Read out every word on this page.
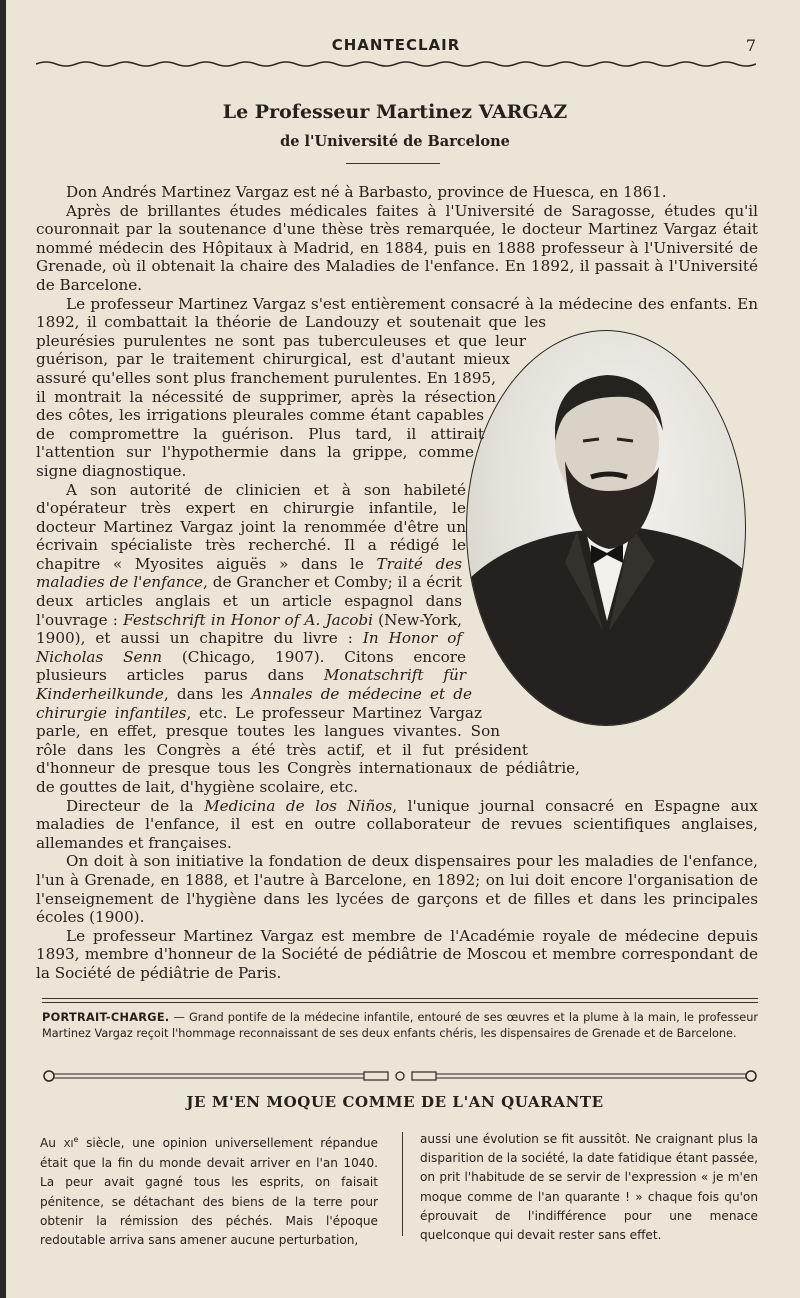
CHANTECLAIR	7
Le Professeur Martinez VARGAZ
de l'Université de Barcelone

Don Andrés Martinez Vargaz est né à Barbasto, province de Huesca, en 1861.

Après de brillantes études médicales faites à l'Université de Saragosse, études qu'il couronnait par la soutenance d'une thèse très remarquée, le docteur Martinez Vargaz était nommé médecin des Hôpitaux à Madrid, en 1884, puis en 1888 professeur à l'Université de Grenade, où il obtenait la chaire des Maladies de l'enfance. En 1892, il passait à l'Université de Barcelone.

Le professeur Martinez Vargaz s'est entièrement consacré à la médecine des enfants. En 1892, il combattait la théorie de Landouzy et soutenait que les pleurésies purulentes ne sont pas tuberculeuses et que leur guérison, par le traitement chirurgical, est d'autant mieux assuré qu'elles sont plus franchement purulentes. En 1895, il montrait la nécessité de supprimer, après la résection des côtes, les irrigations pleurales comme étant capables de compromettre la guérison. Plus tard, il attirait l'attention sur l'hypothermie dans la grippe, comme signe diagnostique.

A son autorité de clinicien et à son habileté d'opérateur très expert en chirurgie infantile, le docteur Martinez Vargaz joint la renommée d'être un écrivain spécialiste très recherché. Il a rédigé le chapitre « Myosites aiguës » dans le Traité des maladies de l'enfance, de Grancher et Comby; il a écrit deux articles anglais et un article espagnol dans l'ouvrage : Festschrift in Honor of A. Jacobi (New-York, 1900), et aussi un chapitre du livre : In Honor of Nicholas Senn (Chicago, 1907). Citons encore plusieurs articles parus dans Monatschrift für Kinderheilkunde, dans les Annales de médecine et de chirurgie infantiles, etc. Le professeur Martinez Vargaz parle, en effet, presque toutes les langues vivantes. Son rôle dans les Congrès a été très actif, et il fut président d'honneur de presque tous les Congrès internationaux de pédiâtrie, de gouttes de lait, d'hygiène scolaire, etc.

Directeur de la Medicina de los Niños, l'unique journal consacré en Espagne aux maladies de l'enfance, il est en outre collaborateur de revues scientifiques anglaises, allemandes et françaises.

On doit à son initiative la fondation de deux dispensaires pour les maladies de l'enfance, l'un à Grenade, en 1888, et l'autre à Barcelone, en 1892; on lui doit encore l'organisation de l'enseignement de l'hygiène dans les lycées de garçons et de filles et dans les principales écoles (1900).

Le professeur Martinez Vargaz est membre de l'Académie royale de médecine depuis 1893, membre d'honneur de la Société de pédiâtrie de Moscou et membre correspondant de la Société de pédiâtrie de Paris.

PORTRAIT-CHARGE. — Grand pontife de la médecine infantile, entouré de ses œuvres et la plume à la main, le professeur Martinez Vargaz reçoit l'hommage reconnaissant de ses deux enfants chéris, les dispensaires de Grenade et de Barcelone.
JE M'EN MOQUE COMME DE L'AN QUARANTE

Au XIe siècle, une opinion universellement répandue était que la fin du monde devait arriver en l'an 1040. La peur avait gagné tous les esprits, on faisait pénitence, se détachant des biens de la terre pour obtenir la rémission des péchés. Mais l'époque redoutable arriva sans amener aucune perturbation,

aussi une évolution se fit aussitôt. Ne craignant plus la disparition de la société, la date fatidique étant passée, on prit l'habitude de se servir de l'expression « je m'en moque comme de l'an quarante ! » chaque fois qu'on éprouvait de l'indifférence pour une menace quelconque qui devait rester sans effet.
